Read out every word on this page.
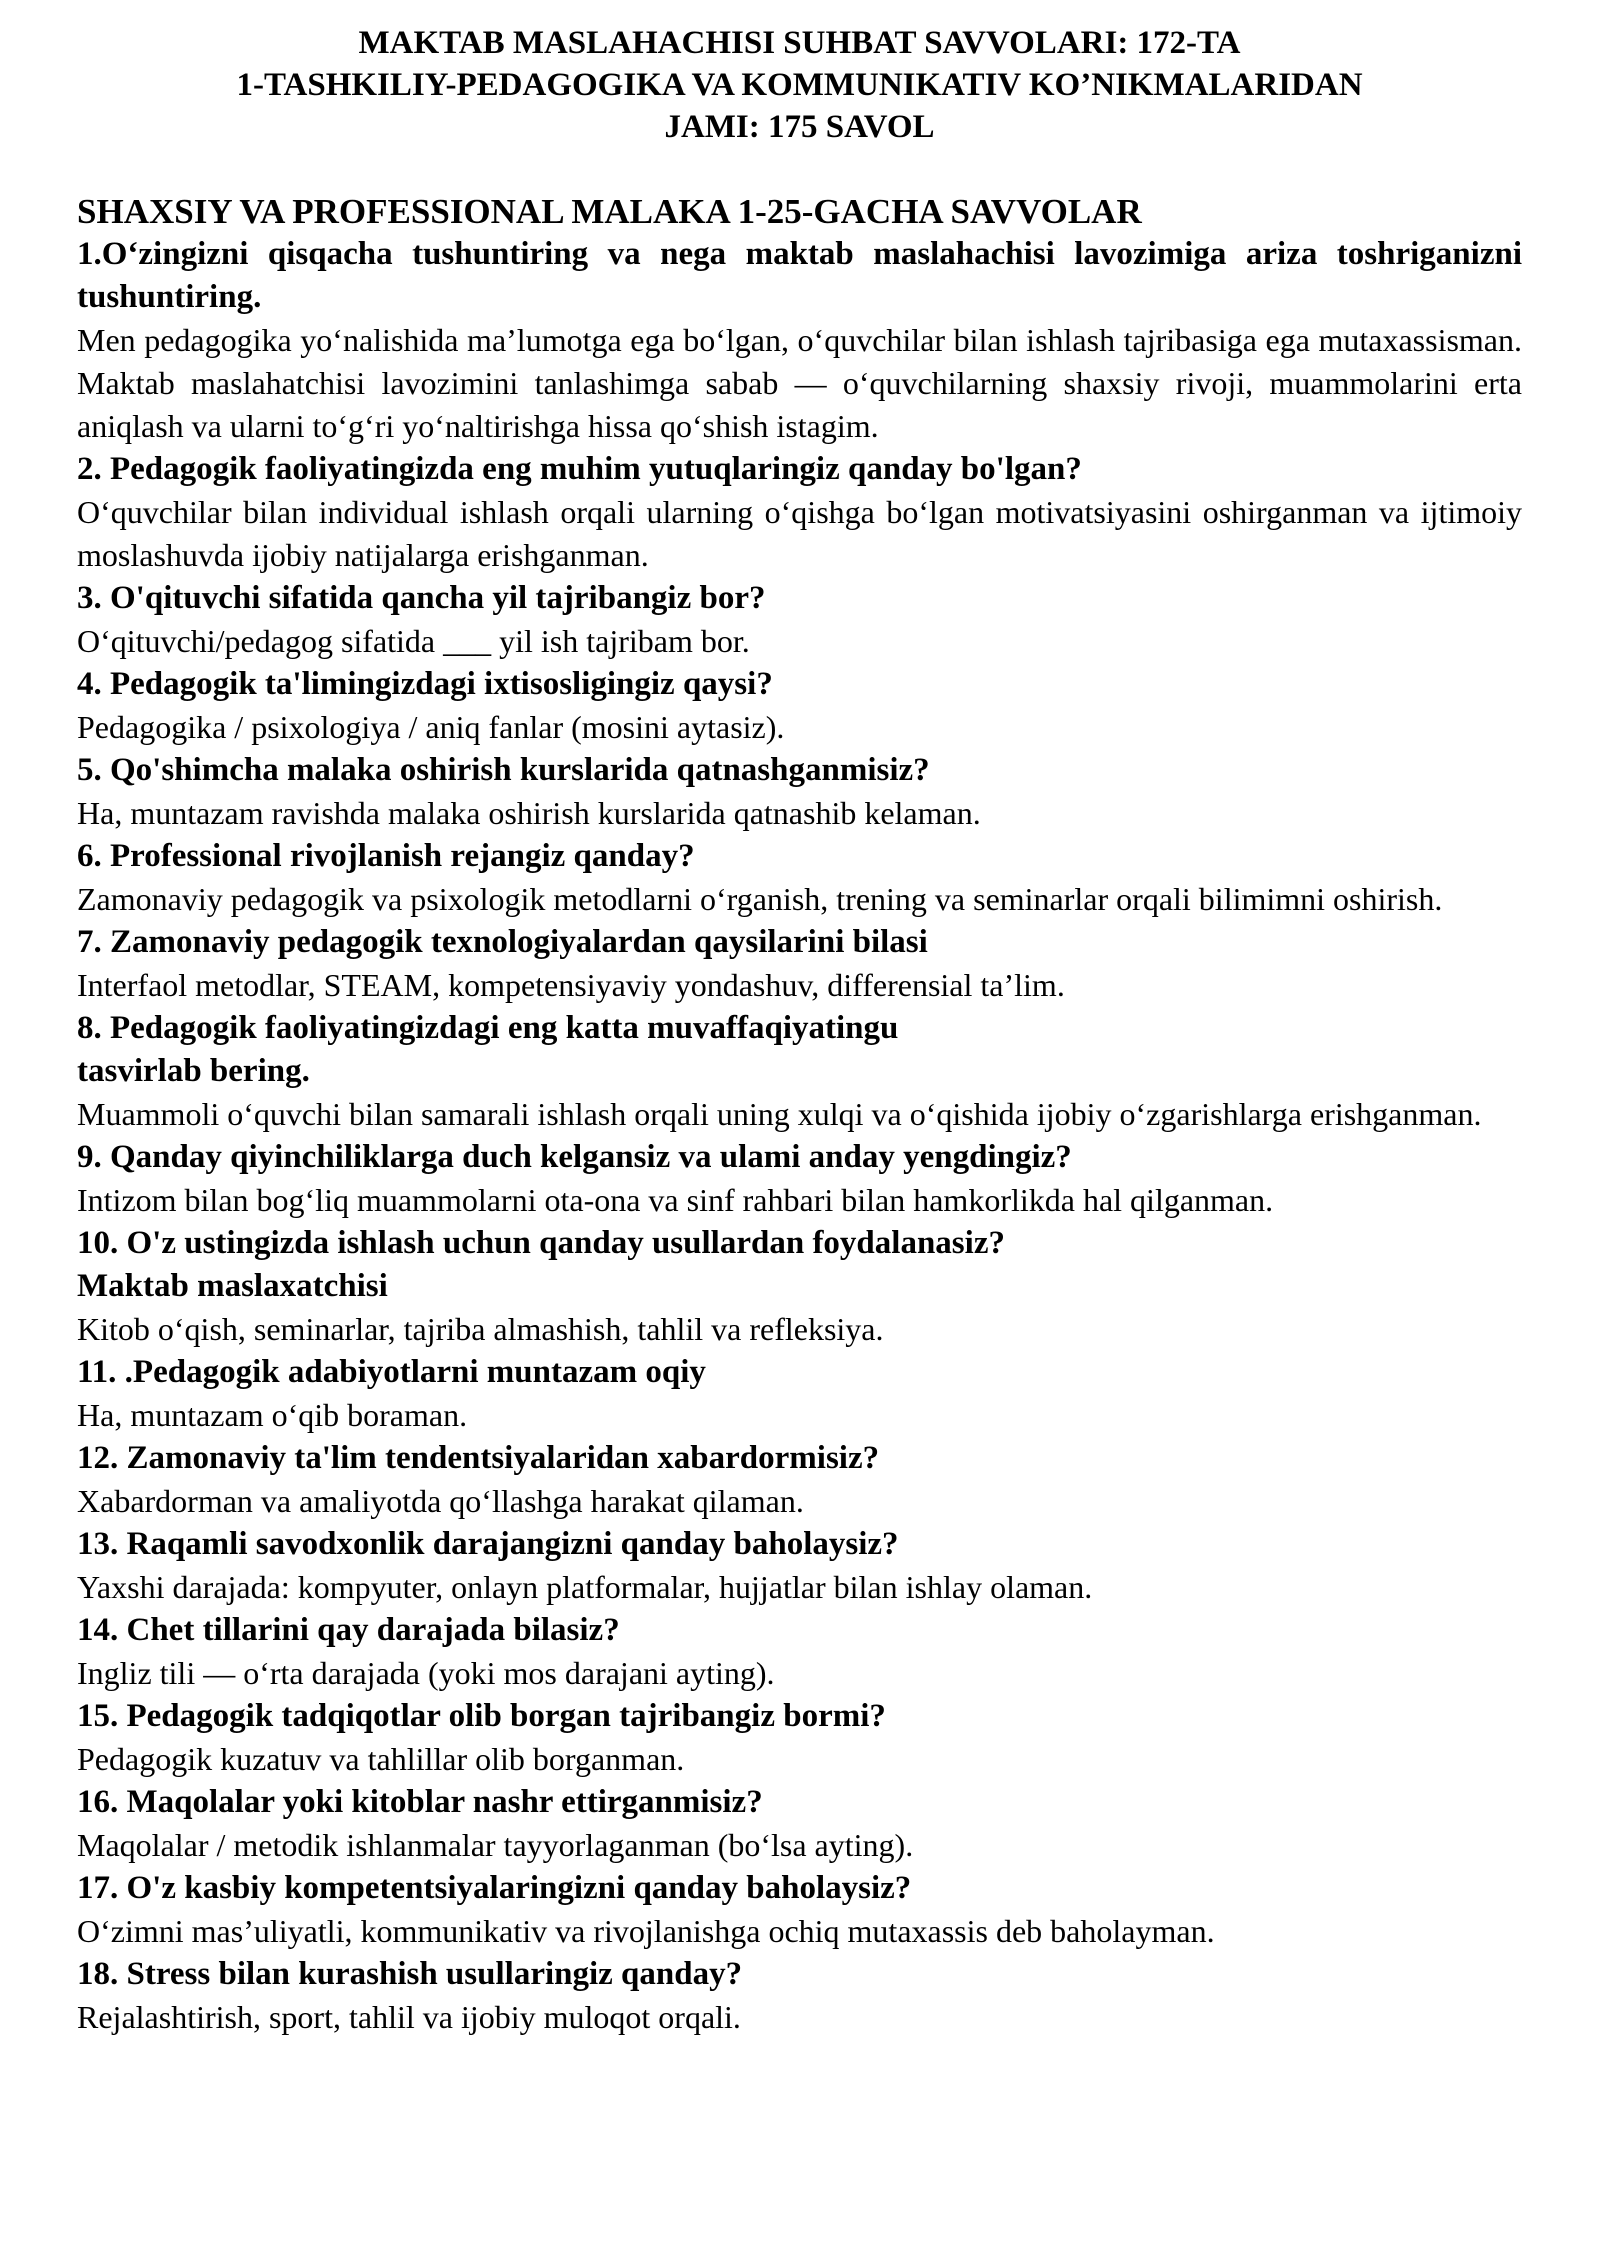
MAKTAB MASLAHACHISI SUHBAT SAVVOLARI: 172-TA
1-TASHKILIY-PEDAGOGIKA VA KOMMUNIKATIV KO’NIKMALARIDAN
JAMI: 175 SAVOL
SHAXSIY VA PROFESSIONAL MALAKA 1-25-GACHA SAVVOLAR
1.O‘zingizni qisqacha tushuntiring va nega maktab maslahachisi lavozimiga ariza toshriganizni tushuntiring.
Men pedagogika yo‘nalishida ma’lumotga ega bo‘lgan, o‘quvchilar bilan ishlash tajribasiga ega mutaxassisman. Maktab maslahatchisi lavozimini tanlashimga sabab — o‘quvchilarning shaxsiy rivoji, muammolarini erta aniqlash va ularni to‘g‘ri yo‘naltirishga hissa qo‘shish istagim.
2. Pedagogik faoliyatingizda eng muhim yutuqlaringiz qanday bo'lgan?
O‘quvchilar bilan individual ishlash orqali ularning o‘qishga bo‘lgan motivatsiyasini oshirganman va ijtimoiy moslashuvda ijobiy natijalarga erishganman.
3. O'qituvchi sifatida qancha yil tajribangiz bor?
O‘qituvchi/pedagog sifatida ___ yil ish tajribam bor.
4. Pedagogik ta'limingizdagi ixtisosligingiz qaysi?
Pedagogika / psixologiya / aniq fanlar (mosini aytasiz).
5. Qo'shimcha malaka oshirish kurslarida qatnashganmisiz?
Ha, muntazam ravishda malaka oshirish kurslarida qatnashib kelaman.
6. Professional rivojlanish rejangiz qanday?
Zamonaviy pedagogik va psixologik metodlarni o‘rganish, trening va seminarlar orqali bilimimni oshirish.
7. Zamonaviy pedagogik texnologiyalardan qaysilarini bilasi
Interfaol metodlar, STEAM, kompetensiyaviy yondashuv, differensial ta’lim.
8. Pedagogik faoliyatingizdagi eng katta muvaffaqiyatingu
tasvirlab bering.
Muammoli o‘quvchi bilan samarali ishlash orqali uning xulqi va o‘qishida ijobiy o‘zgarishlarga erishganman.
9. Qanday qiyinchiliklarga duch kelgansiz va ulami anday yengdingiz?
Intizom bilan bog‘liq muammolarni ota-ona va sinf rahbari bilan hamkorlikda hal qilganman.
10. O'z ustingizda ishlash uchun qanday usullardan foydalanasiz?
Maktab maslaxatchisi
Kitob o‘qish, seminarlar, tajriba almashish, tahlil va refleksiya.
11. .Pedagogik adabiyotlarni muntazam oqiy
Ha, muntazam o‘qib boraman.
12. Zamonaviy ta'lim tendentsiyalaridan xabardormisiz?
Xabardorman va amaliyotda qo‘llashga harakat qilaman.
13. Raqamli savodxonlik darajangizni qanday baholaysiz?
Yaxshi darajada: kompyuter, onlayn platformalar, hujjatlar bilan ishlay olaman.
14. Chet tillarini qay darajada bilasiz?
Ingliz tili — o‘rta darajada (yoki mos darajani ayting).
15. Pedagogik tadqiqotlar olib borgan tajribangiz bormi?
Pedagogik kuzatuv va tahlillar olib borganman.
16. Maqolalar yoki kitoblar nashr ettirganmisiz?
Maqolalar / metodik ishlanmalar tayyorlaganman (bo‘lsa ayting).
17. O'z kasbiy kompetentsiyalaringizni qanday baholaysiz?
O‘zimni mas’uliyatli, kommunikativ va rivojlanishga ochiq mutaxassis deb baholayman.
18. Stress bilan kurashish usullaringiz qanday?
Rejalashtirish, sport, tahlil va ijobiy muloqot orqali.
